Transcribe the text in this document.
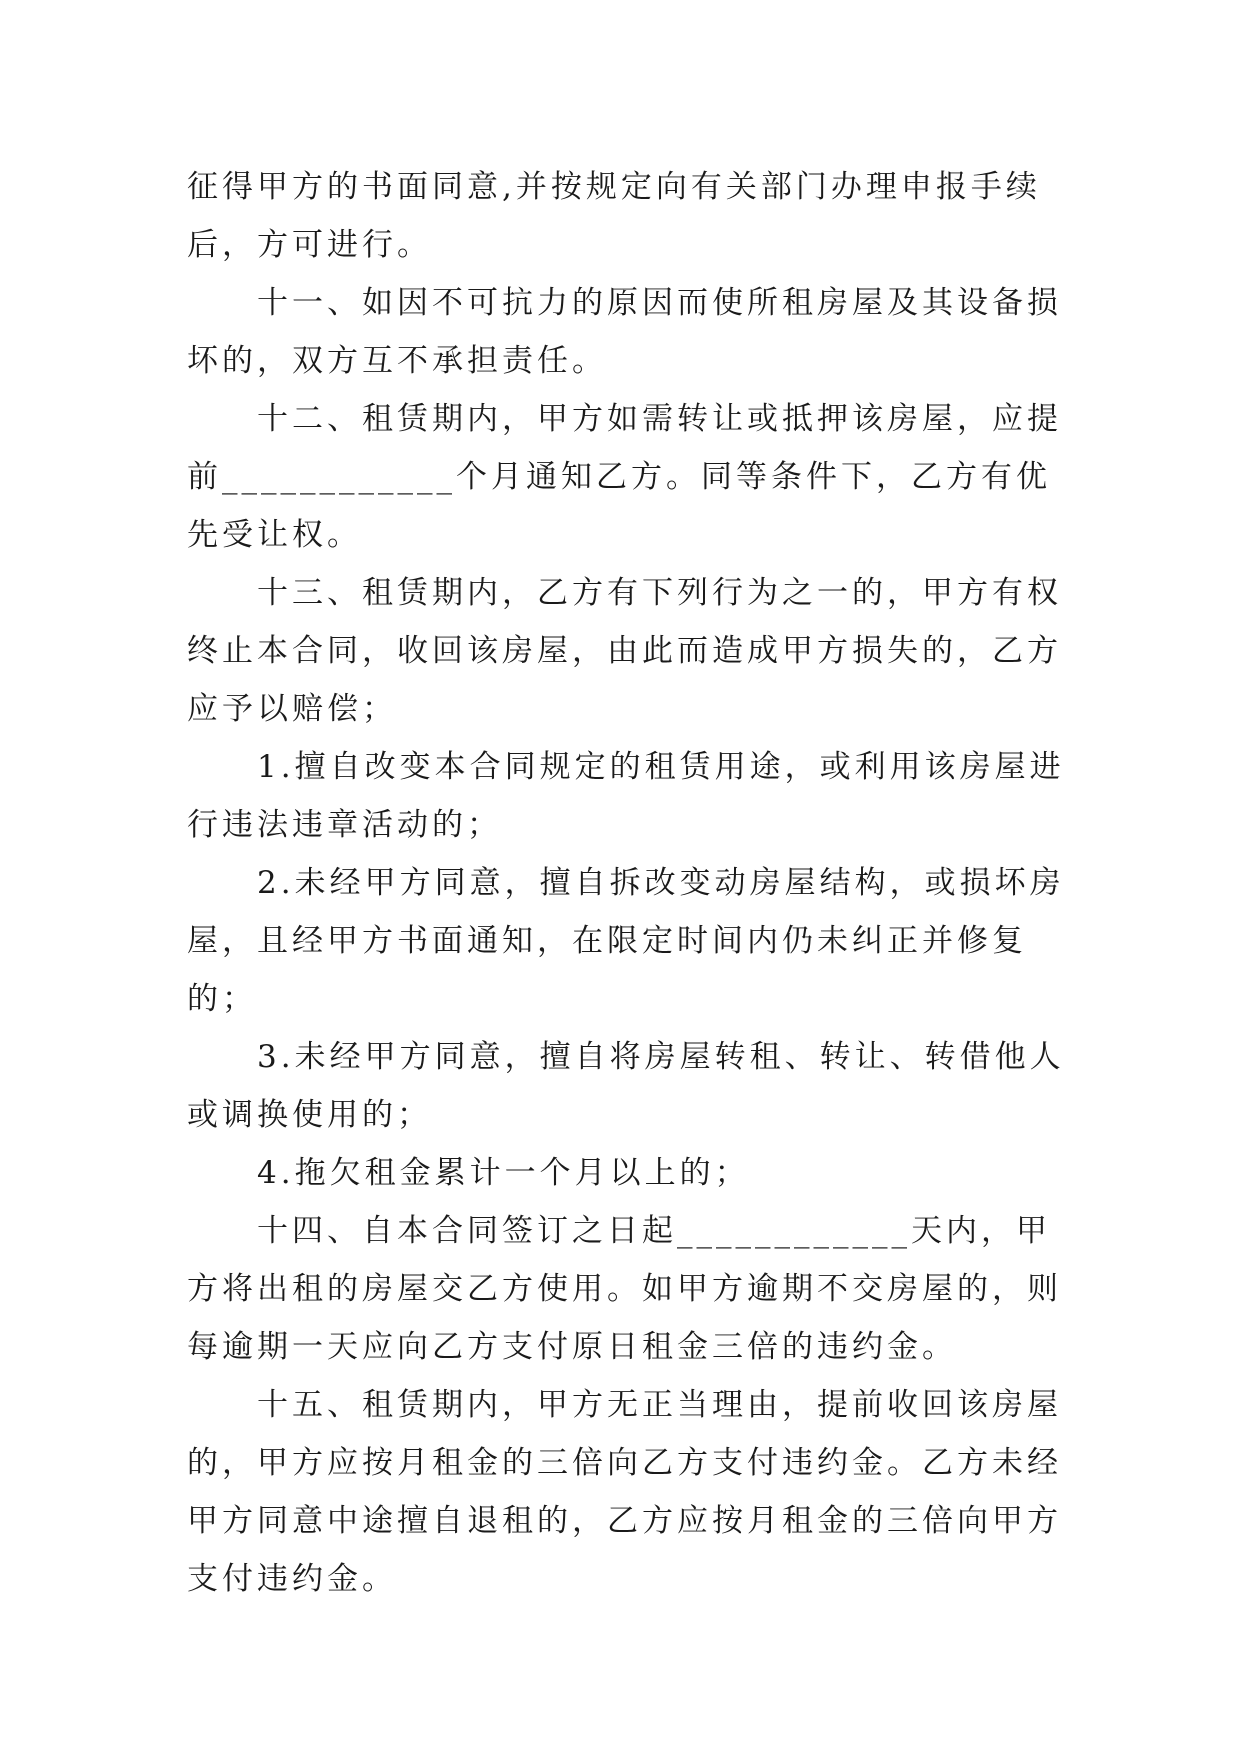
征得甲方的书面同意,并按规定向有关部门办理申报手续后，方可进行。

　　十一、如因不可抗力的原因而使所租房屋及其设备损坏的，双方互不承担责任。

　　十二、租赁期内，甲方如需转让或抵押该房屋，应提前____________个月通知乙方。同等条件下，乙方有优先受让权。

　　十三、租赁期内，乙方有下列行为之一的，甲方有权终止本合同，收回该房屋，由此而造成甲方损失的，乙方应予以赔偿；

　　1.擅自改变本合同规定的租赁用途，或利用该房屋进行违法违章活动的；

　　2.未经甲方同意，擅自拆改变动房屋结构，或损坏房屋，且经甲方书面通知，在限定时间内仍未纠正并修复的；

　　3.未经甲方同意，擅自将房屋转租、转让、转借他人或调换使用的；

　　4.拖欠租金累计一个月以上的；

　　十四、自本合同签订之日起____________天内，甲方将出租的房屋交乙方使用。如甲方逾期不交房屋的，则每逾期一天应向乙方支付原日租金三倍的违约金。

　　十五、租赁期内，甲方无正当理由，提前收回该房屋的，甲方应按月租金的三倍向乙方支付违约金。乙方未经甲方同意中途擅自退租的，乙方应按月租金的三倍向甲方支付违约金。
